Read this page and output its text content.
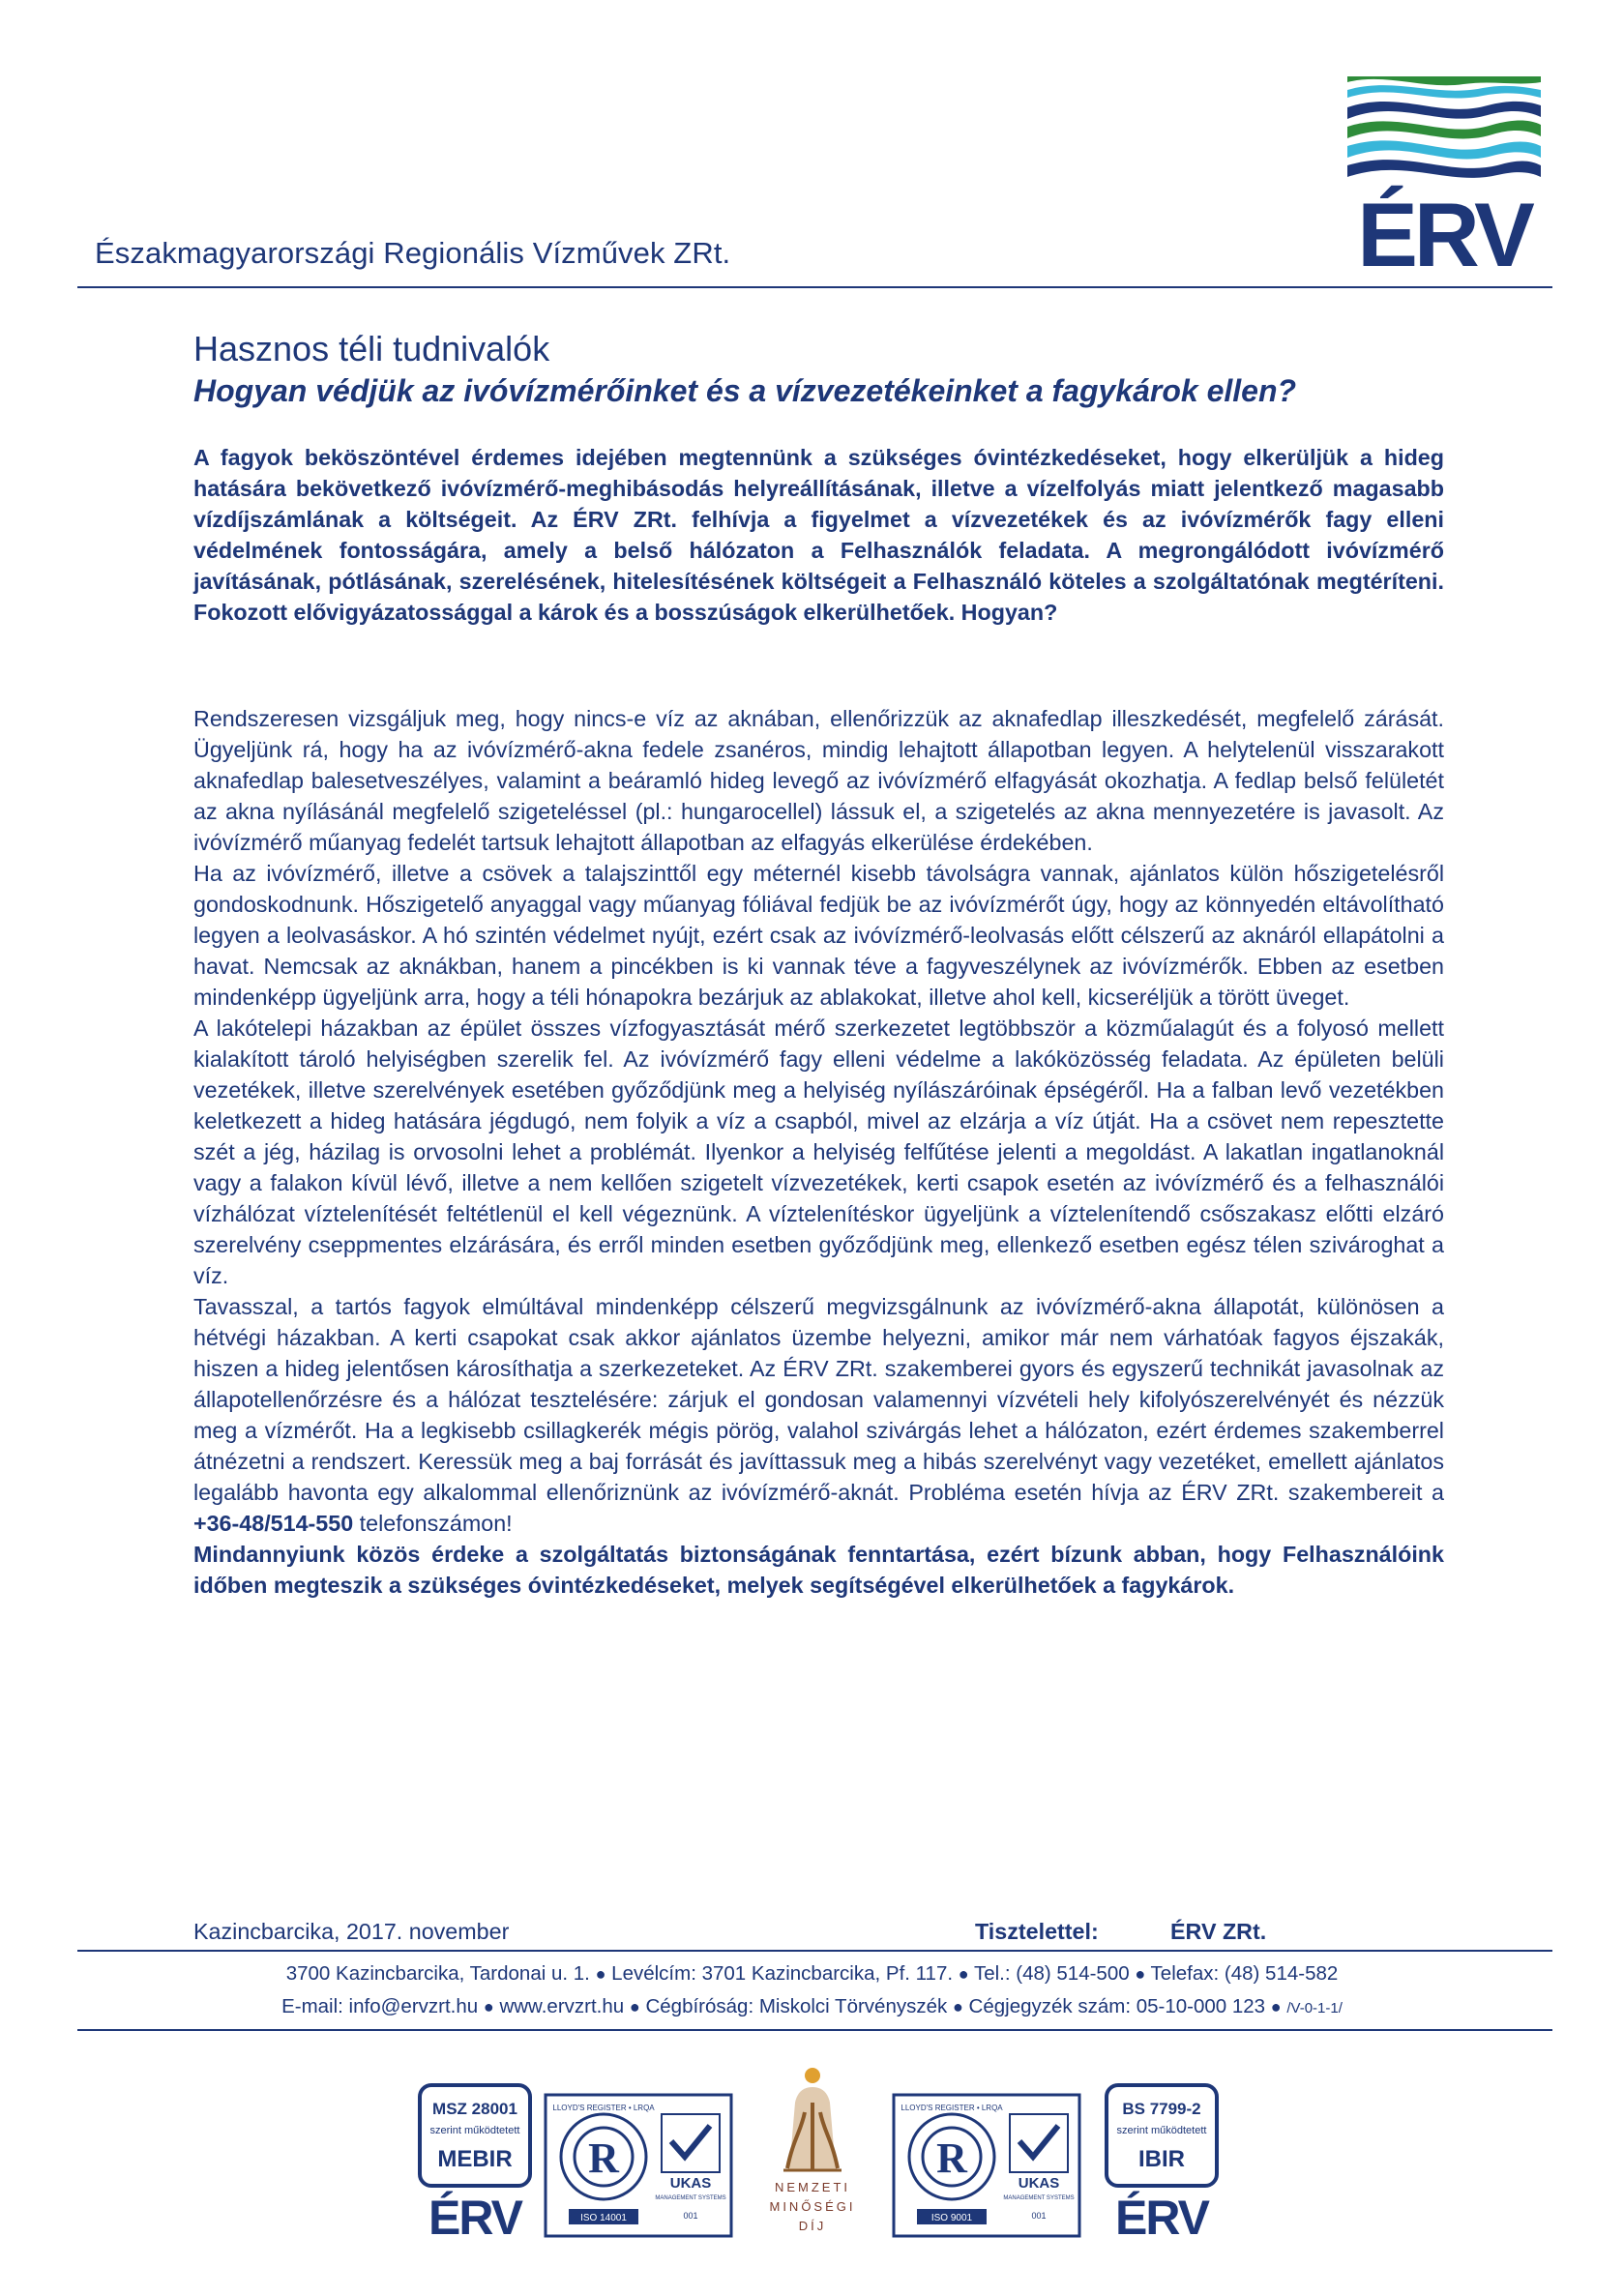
ÉRV
Északmagyarországi Regionális Vízművek ZRt.
Hasznos téli tudnivalók
Hogyan védjük az ivóvízmérőinket és a vízvezetékeinket a fagykárok ellen?

A fagyok beköszöntével érdemes idejében megtennünk a szükséges óvintézkedéseket, hogy elkerüljük a hideg hatására bekövetkező ivóvízmérő-meghibásodás helyreállításának, illetve a vízelfolyás miatt jelentkező magasabb vízdíjszámlának a költségeit. Az ÉRV ZRt. felhívja a figyelmet a vízvezetékek és az ivóvízmérők fagy elleni védelmének fontosságára, amely a belső hálózaton a Felhasználók feladata. A megrongálódott ivóvízmérő javításának, pótlásának, szerelésének, hitelesítésének költségeit a Felhasználó köteles a szolgáltatónak megtéríteni. Fokozott elővigyázatossággal a károk és a bosszúságok elkerülhetőek. Hogyan?

Rendszeresen vizsgáljuk meg, hogy nincs-e víz az aknában, ellenőrizzük az aknafedlap illeszkedését, megfelelő zárását. Ügyeljünk rá, hogy ha az ivóvízmérő-akna fedele zsanéros, mindig lehajtott állapotban legyen. A helytelenül visszarakott aknafedlap balesetveszélyes, valamint a beáramló hideg levegő az ivóvízmérő elfagyását okozhatja. A fedlap belső felületét az akna nyílásánál megfelelő szigeteléssel (pl.: hungarocellel) lássuk el, a szigetelés az akna mennyezetére is javasolt. Az ivóvízmérő műanyag fedelét tartsuk lehajtott állapotban az elfagyás elkerülése érdekében.

Ha az ivóvízmérő, illetve a csövek a talajszinttől egy méternél kisebb távolságra vannak, ajánlatos külön hőszigetelésről gondoskodnunk. Hőszigetelő anyaggal vagy műanyag fóliával fedjük be az ivóvízmérőt úgy, hogy az könnyedén eltávolítható legyen a leolvasáskor. A hó szintén védelmet nyújt, ezért csak az ivóvízmérő-leolvasás előtt célszerű az aknáról ellapátolni a havat. Nemcsak az aknákban, hanem a pincékben is ki vannak téve a fagyveszélynek az ivóvízmérők. Ebben az esetben mindenképp ügyeljünk arra, hogy a téli hónapokra bezárjuk az ablakokat, illetve ahol kell, kicseréljük a törött üveget.

A lakótelepi házakban az épület összes vízfogyasztását mérő szerkezetet legtöbbször a közműalagút és a folyosó mellett kialakított tároló helyiségben szerelik fel. Az ivóvízmérő fagy elleni védelme a lakóközösség feladata. Az épületen belüli vezetékek, illetve szerelvények esetében győződjünk meg a helyiség nyílászáróinak épségéről. Ha a falban levő vezetékben keletkezett a hideg hatására jégdugó, nem folyik a víz a csapból, mivel az elzárja a víz útját. Ha a csövet nem repesztette szét a jég, házilag is orvosolni lehet a problémát. Ilyenkor a helyiség felfűtése jelenti a megoldást. A lakatlan ingatlanoknál vagy a falakon kívül lévő, illetve a nem kellően szigetelt vízvezetékek, kerti csapok esetén az ivóvízmérő és a felhasználói vízhálózat víztelenítését feltétlenül el kell végeznünk. A víztelenítéskor ügyeljünk a víztelenítendő csőszakasz előtti elzáró szerelvény cseppmentes elzárására, és erről minden esetben győződjünk meg, ellenkező esetben egész télen szivároghat a víz.

Tavasszal, a tartós fagyok elmúltával mindenképp célszerű megvizsgálnunk az ivóvízmérő-akna állapotát, különösen a hétvégi házakban. A kerti csapokat csak akkor ajánlatos üzembe helyezni, amikor már nem várhatóak fagyos éjszakák, hiszen a hideg jelentősen károsíthatja a szerkezeteket. Az ÉRV ZRt. szakemberei gyors és egyszerű technikát javasolnak az állapotellenőrzésre és a hálózat tesztelésére: zárjuk el gondosan valamennyi vízvételi hely kifolyószerelvényét és nézzük meg a vízmérőt. Ha a legkisebb csillagkerék mégis pörög, valahol szivárgás lehet a hálózaton, ezért érdemes szakemberrel átnézetni a rendszert. Keressük meg a baj forrását és javíttassuk meg a hibás szerelvényt vagy vezetéket, emellett ajánlatos legalább havonta egy alkalommal ellenőriznünk az ivóvízmérő-aknát. Probléma esetén hívja az ÉRV ZRt. szakembereit a +36-48/514-550 telefonszámon!

Mindannyiunk közös érdeke a szolgáltatás biztonságának fenntartása, ezért bízunk abban, hogy Felhasználóink időben megteszik a szükséges óvintézkedéseket, melyek segítségével elkerülhetőek a fagykárok.

Kazincbarcika, 2017. november	Tisztelettel:	ÉRV ZRt.
3700 Kazincbarcika, Tardonai u. 1. ● Levélcím: 3701 Kazincbarcika, Pf. 117. ● Tel.: (48) 514-500 ● Telefax: (48) 514-582
E-mail: info@ervzrt.hu ● www.ervzrt.hu ● Cégbíróság: Miskolci Törvényszék ● Cégjegyzék szám: 05-10-000 123 ● /V-0-1-1/
MSZ 28001
szerint működtetett
MEBIR
ÉRV
R
LLOYD'S REGISTER • LRQA
UKAS
MANAGEMENT SYSTEMS
001
ISO 14001
NEMZETI
MINŐSÉGI
DÍJ
R
LLOYD'S REGISTER • LRQA
UKAS
MANAGEMENT SYSTEMS
001
ISO 9001
BS 7799-2
szerint működtetett
IBIR
ÉRV
